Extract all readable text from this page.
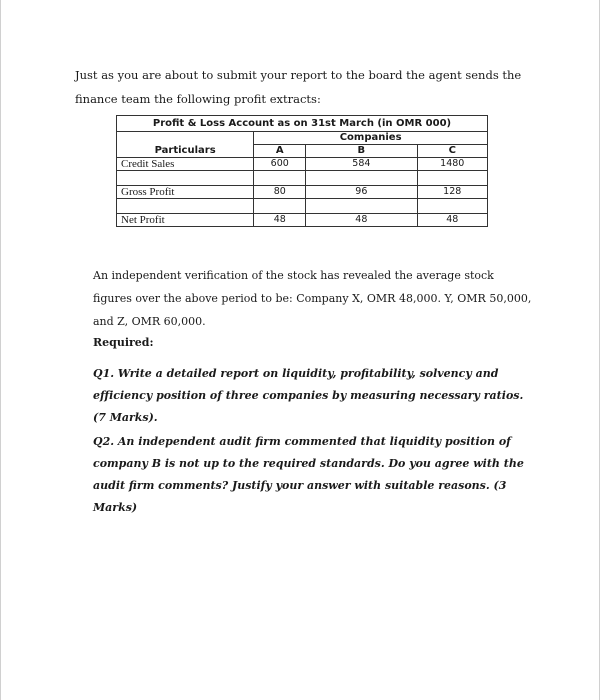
Just as you are about to submit your report to the board the agent sends the finance team the following profit extracts:
Profit & Loss Account as on 31st March (in OMR 000)			
	Companies		
Particulars	A	B	C
Credit Sales	600	584	1480

Gross Profit	80	96	128

Net Profit	48	48	48
An independent verification of the stock has revealed the average stock figures over the above period to be: Company X, OMR 48,000. Y, OMR 50,000, and Z, OMR 60,000.
Required:
Q1. Write a detailed report on liquidity, profitability, solvency and efficiency position of three companies by measuring necessary ratios. (7 Marks).
Q2. An independent audit firm commented that liquidity position of company B is not up to the required standards. Do you agree with the audit firm comments? Justify your answer with suitable reasons. (3 Marks)
